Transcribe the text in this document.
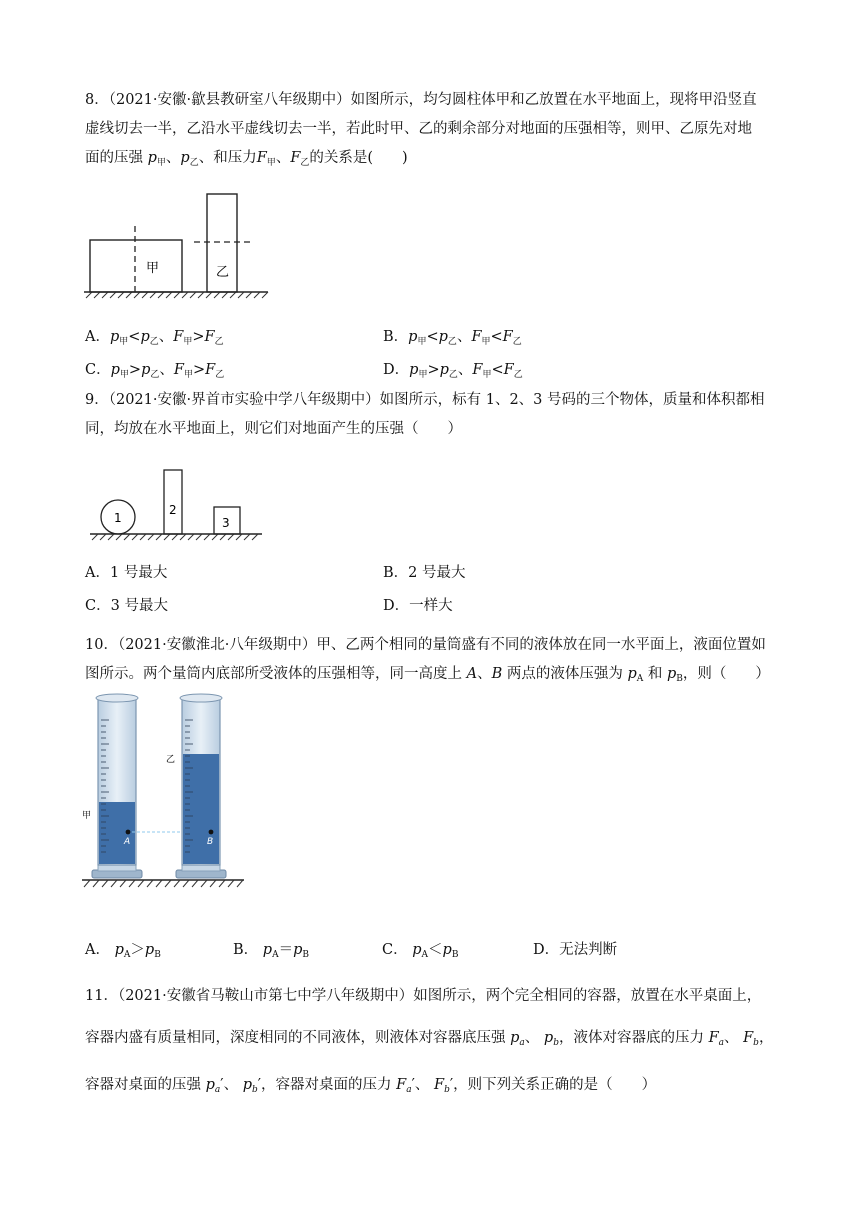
8．（2021·安徽·歙县教研室八年级期中）如图所示，均匀圆柱体甲和乙放置在水平地面上，现将甲沿竖直
虚线切去一半，乙沿水平虚线切去一半，若此时甲、乙的剩余部分对地面的压强相等，则甲、乙原先对地
面的压强 $p_甲$、$p_乙$、和压力$F_甲$、$F_乙$的关系是(　　)
甲	乙
A．$p_甲<p_乙$、$F_甲>F_乙$	B．$p_甲<p_乙$、$F_甲<F_乙$
C．$p_甲>p_乙$、$F_甲>F_乙$	D．$p_甲>p_乙$、$F_甲<F_乙$
9．（2021·安徽·界首市实验中学八年级期中）如图所示，标有 1、2、3 号码的三个物体，质量和体积都相
同，均放在水平地面上，则它们对地面产生的压强（　　）
1
2
3
A．1 号最大	B．2 号最大
C．3 号最大	D．一样大
10．（2021·安徽淮北·八年级期中）甲、乙两个相同的量筒盛有不同的液体放在同一水平面上，液面位置如
图所示。两个量筒内底部所受液体的压强相等，同一高度上 A、B 两点的液体压强为 $p_A$ 和 $p_B$，则（　　）
甲
A
乙
B
A． $p_A>p_B$	B． $p_A=p_B$	C． $p_A<p_B$	D．无法判断
11．（2021·安徽省马鞍山市第七中学八年级期中）如图所示，两个完全相同的容器，放置在水平桌面上，
容器内盛有质量相同，深度相同的不同液体，则液体对容器底压强 $p_a$、 $p_b$，液体对容器底的压力 $F_a$、 $F_b$，
容器对桌面的压强 $p_a'$、 $p_b'$，容器对桌面的压力 $F_a'$、 $F_b'$，则下列关系正确的是（　　）
